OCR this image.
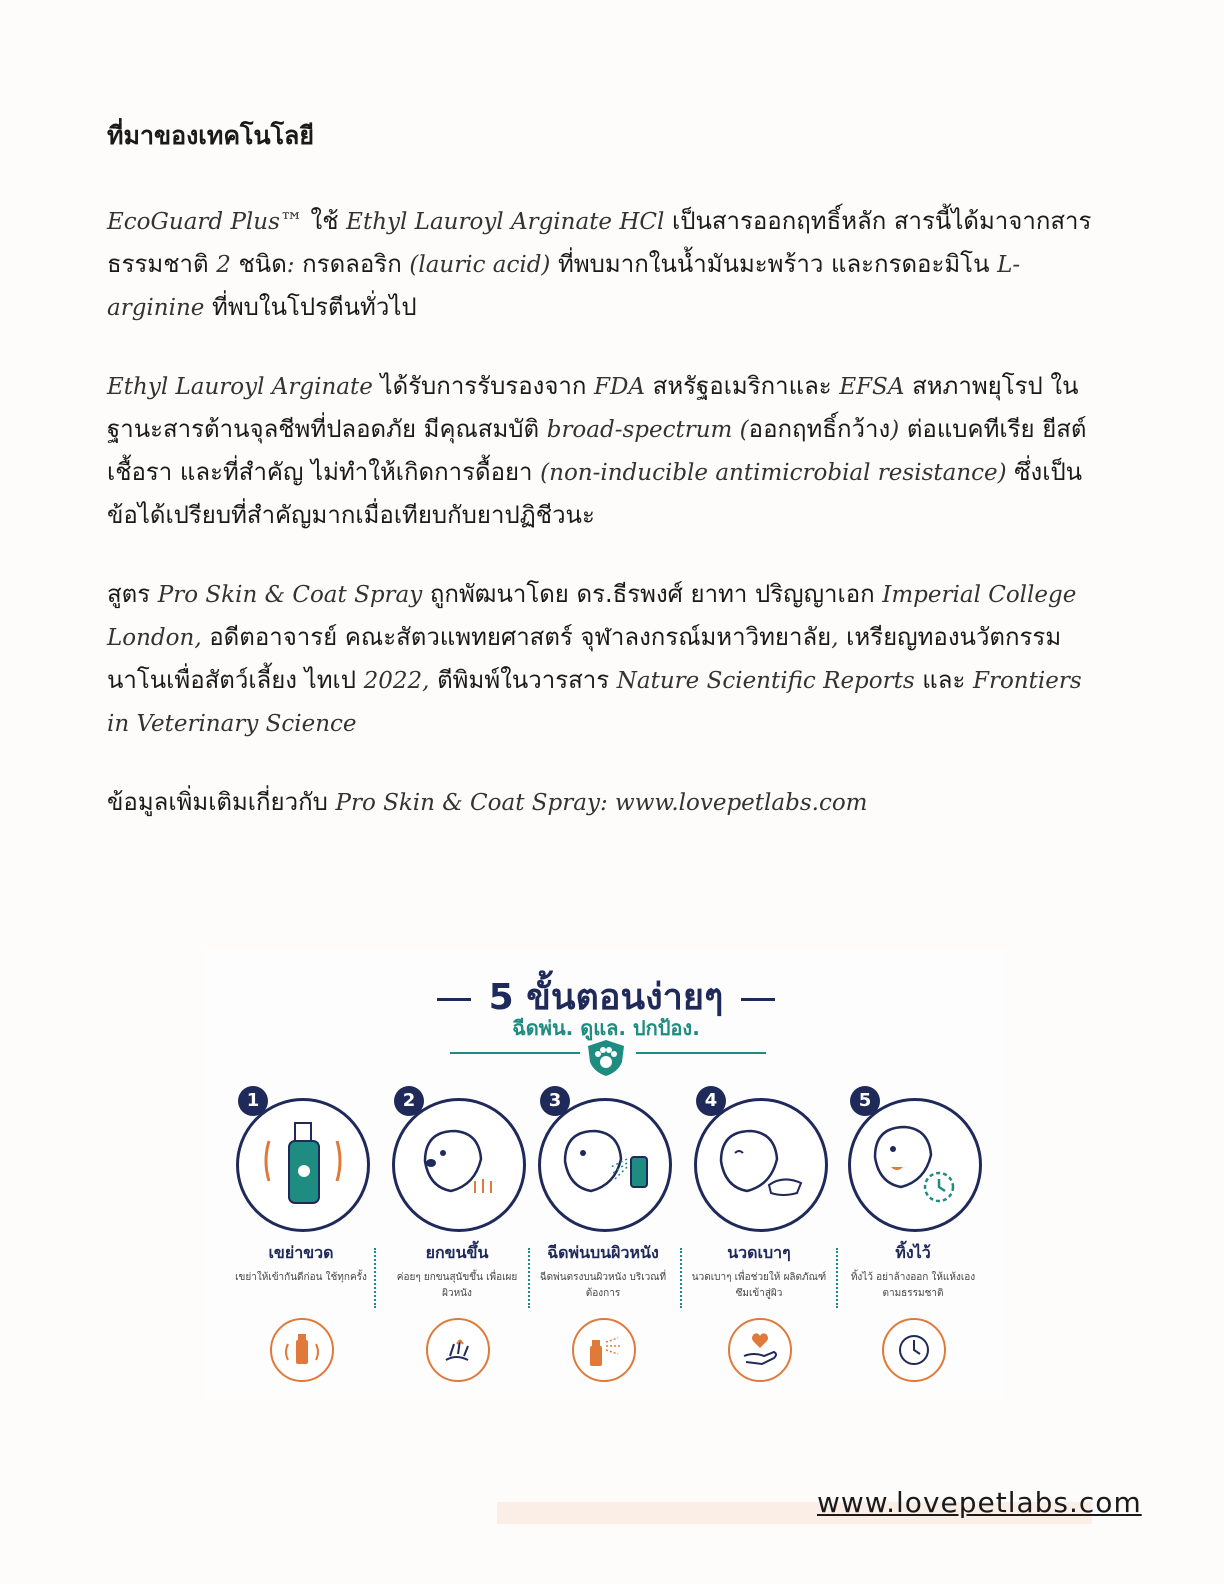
ที่มาของเทคโนโลยี

EcoGuard Plus™ ใช้ Ethyl Lauroyl Arginate HCl เป็นสารออกฤทธิ์หลัก สารนี้ได้มาจากสารธรรมชาติ 2 ชนิด: กรดลอริก (lauric acid) ที่พบมากในน้ำมันมะพร้าว และกรดอะมิโน L-arginine ที่พบในโปรตีนทั่วไป

Ethyl Lauroyl Arginate ได้รับการรับรองจาก FDA สหรัฐอเมริกาและ EFSA สหภาพยุโรป ในฐานะสารต้านจุลชีพที่ปลอดภัย มีคุณสมบัติ broad-spectrum (ออกฤทธิ์กว้าง) ต่อแบคทีเรีย ยีสต์ เชื้อรา และที่สำคัญ ไม่ทำให้เกิดการดื้อยา (non-inducible antimicrobial resistance) ซึ่งเป็นข้อได้เปรียบที่สำคัญมากเมื่อเทียบกับยาปฏิชีวนะ

สูตร Pro Skin & Coat Spray ถูกพัฒนาโดย ดร.ธีรพงศ์ ยาทา ปริญญาเอก Imperial College London, อดีตอาจารย์ คณะสัตวแพทยศาสตร์ จุฬาลงกรณ์มหาวิทยาลัย, เหรียญทองนวัตกรรมนาโนเพื่อสัตว์เลี้ยง ไทเป 2022, ตีพิมพ์ในวารสาร Nature Scientific Reports และ Frontiers in Veterinary Science

ข้อมูลเพิ่มเติมเกี่ยวกับ Pro Skin & Coat Spray: www.lovepetlabs.com

5 ขั้นตอนง่ายๆ
ฉีดพ่น. ดูแล. ปกป้อง.
1
เขย่าขวด
เขย่าให้เข้ากันดีก่อน ใช้ทุกครั้ง
2
ยกขนขึ้น
ค่อยๆ ยกขนสุนัขขึ้น เพื่อเผยผิวหนัง
3
ฉีดพ่นบนผิวหนัง
ฉีดพ่นตรงบนผิวหนัง บริเวณที่ต้องการ
4
นวดเบาๆ
นวดเบาๆ เพื่อช่วยให้ ผลิตภัณฑ์ซึมเข้าสู่ผิว
5
ทิ้งไว้
ทิ้งไว้ อย่าล้างออก ให้แห้งเองตามธรรมชาติ
www.lovepetlabs.com
